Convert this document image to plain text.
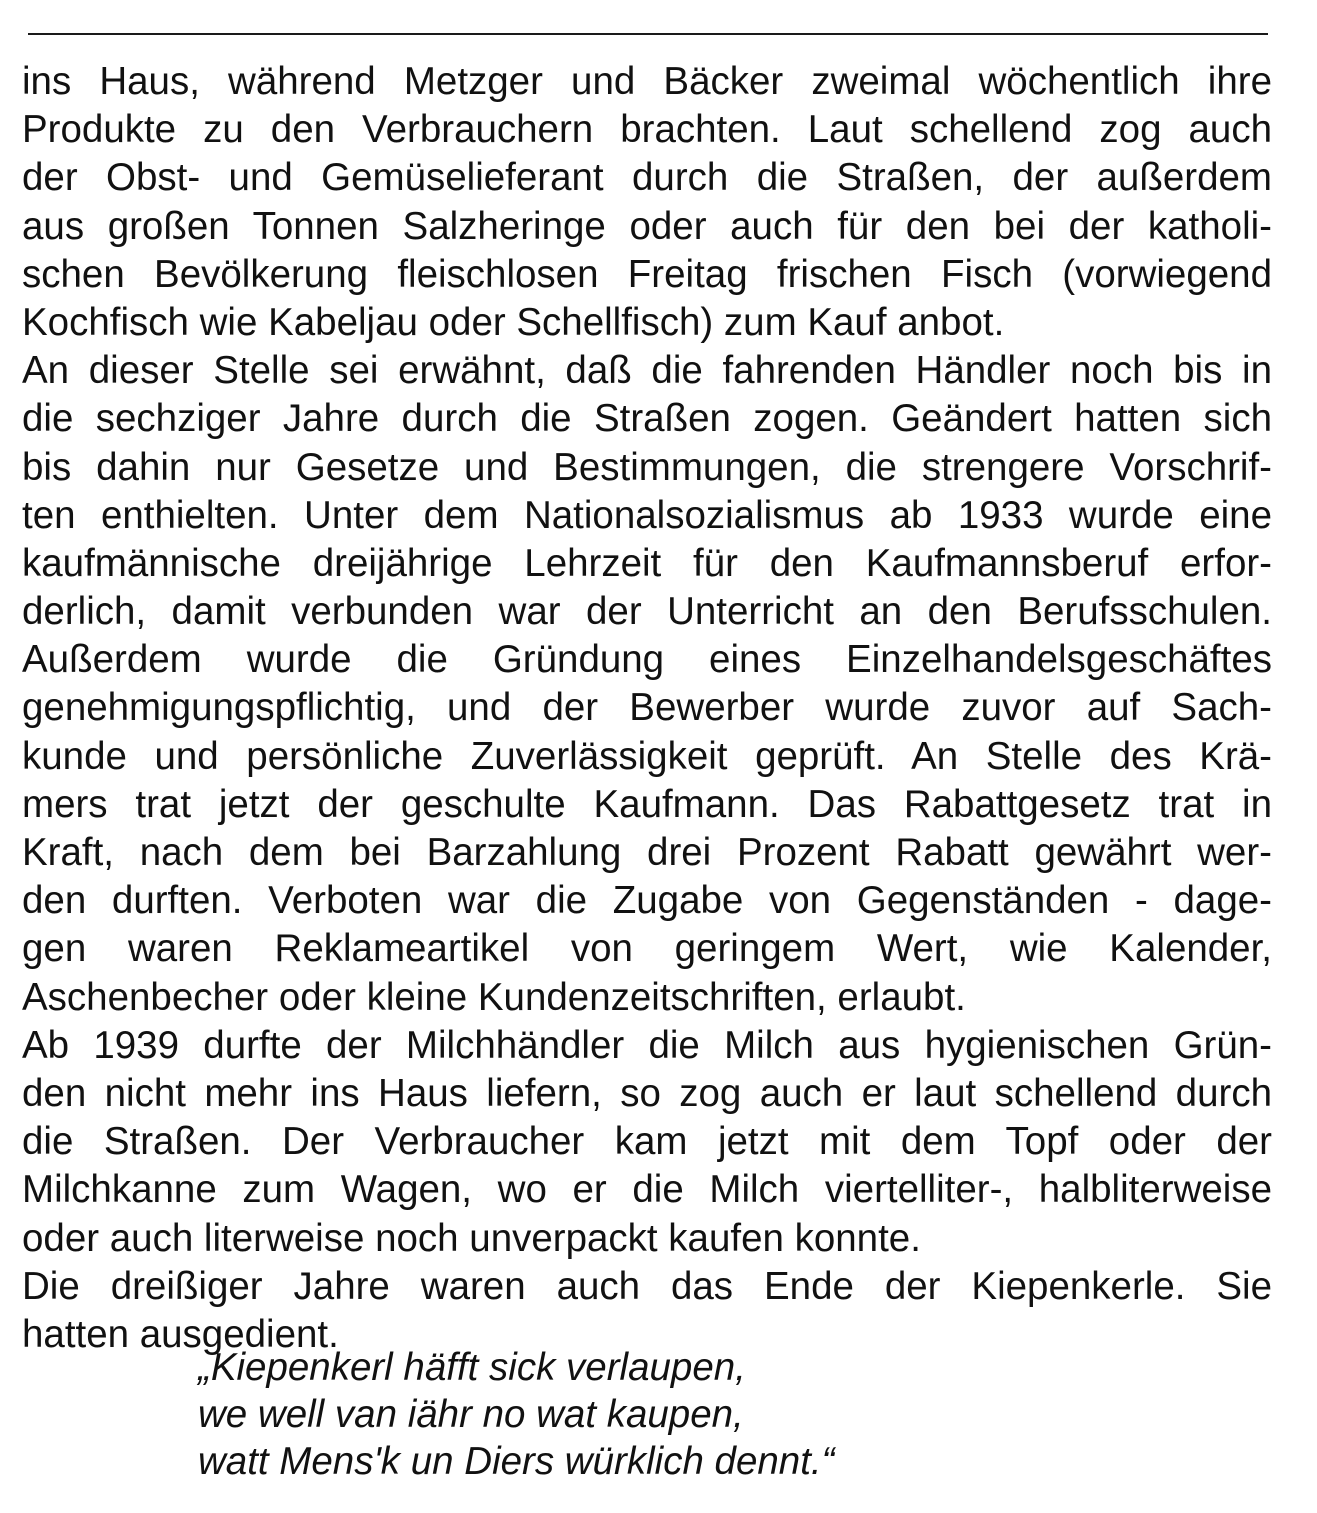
ins Haus, während Metzger und Bäcker zweimal wöchentlich ihre
Produkte zu den Verbrauchern brachten. Laut schellend zog auch
der Obst- und Gemüselieferant durch die Straßen, der außerdem
aus großen Tonnen Salzheringe oder auch für den bei der katholi-
schen Bevölkerung fleischlosen Freitag frischen Fisch (vorwiegend
Kochfisch wie Kabeljau oder Schellfisch) zum Kauf anbot.
An dieser Stelle sei erwähnt, daß die fahrenden Händler noch bis in
die sechziger Jahre durch die Straßen zogen. Geändert hatten sich
bis dahin nur Gesetze und Bestimmungen, die strengere Vorschrif-
ten enthielten. Unter dem Nationalsozialismus ab 1933 wurde eine
kaufmännische dreijährige Lehrzeit für den Kaufmannsberuf erfor-
derlich, damit verbunden war der Unterricht an den Berufsschulen.
Außerdem wurde die Gründung eines Einzelhandelsgeschäftes
genehmigungspflichtig, und der Bewerber wurde zuvor auf Sach-
kunde und persönliche Zuverlässigkeit geprüft. An Stelle des Krä-
mers trat jetzt der geschulte Kaufmann. Das Rabattgesetz trat in
Kraft, nach dem bei Barzahlung drei Prozent Rabatt gewährt wer-
den durften. Verboten war die Zugabe von Gegenständen - dage-
gen waren Reklameartikel von geringem Wert, wie Kalender,
Aschenbecher oder kleine Kundenzeitschriften, erlaubt.
Ab 1939 durfte der Milchhändler die Milch aus hygienischen Grün-
den nicht mehr ins Haus liefern, so zog auch er laut schellend durch
die Straßen. Der Verbraucher kam jetzt mit dem Topf oder der
Milchkanne zum Wagen, wo er die Milch viertelliter-, halbliterweise
oder auch literweise noch unverpackt kaufen konnte.
Die dreißiger Jahre waren auch das Ende der Kiepenkerle. Sie
hatten ausgedient.
„Kiepenkerl häfft sick verlaupen,
we well van iähr no wat kaupen,
watt Mens'k un Diers würklich dennt.“
